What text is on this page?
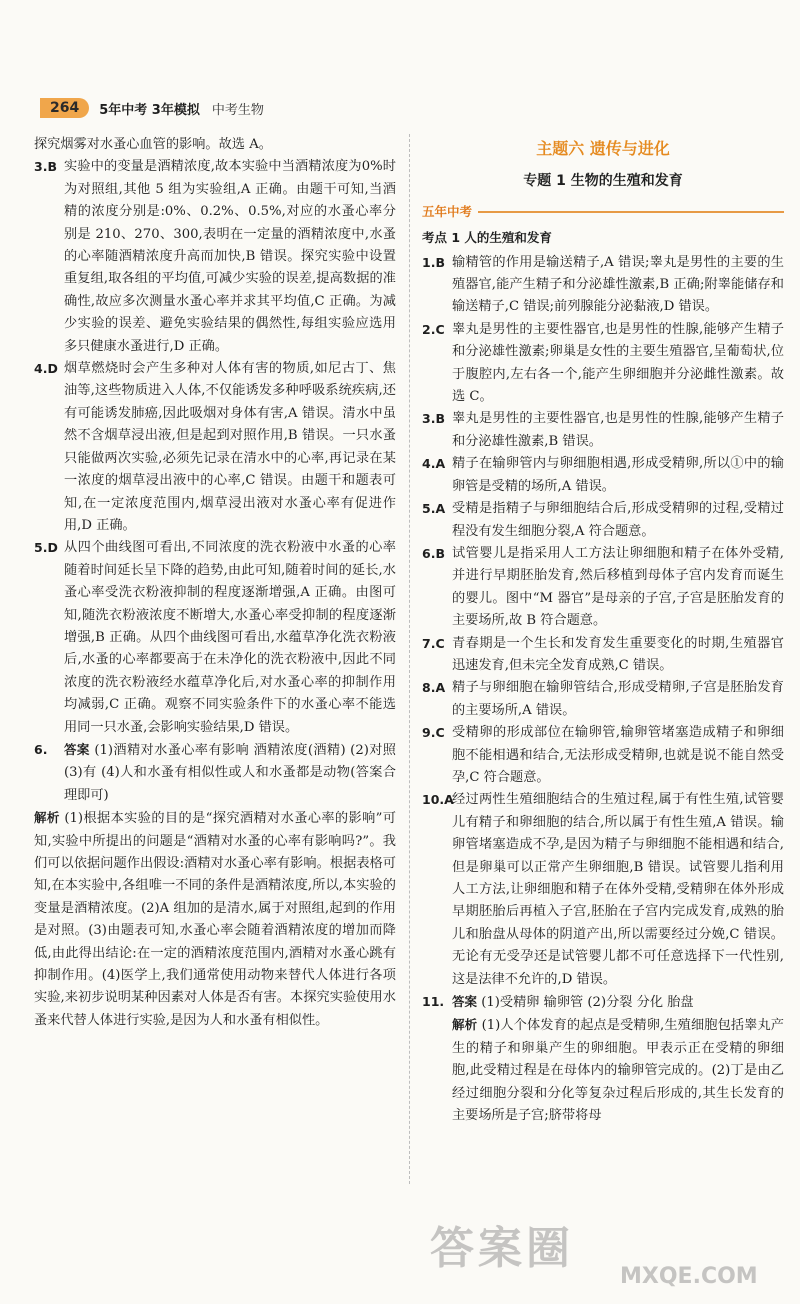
264	5年中考 3年模拟 中考生物

探究烟雾对水蚤心血管的影响。故选 A。

3.B 实验中的变量是酒精浓度,故本实验中当酒精浓度为0%时为对照组,其他 5 组为实验组,A 正确。由题干可知,当酒精的浓度分别是:0%、0.2%、0.5%,对应的水蚤心率分别是 210、270、300,表明在一定量的酒精浓度中,水蚤的心率随酒精浓度升高而加快,B 错误。探究实验中设置重复组,取各组的平均值,可减少实验的误差,提高数据的准确性,故应多次测量水蚤心率并求其平均值,C 正确。为减少实验的误差、避免实验结果的偶然性,每组实验应选用多只健康水蚤进行,D 正确。
4.D 烟草燃烧时会产生多种对人体有害的物质,如尼古丁、焦油等,这些物质进入人体,不仅能诱发多种呼吸系统疾病,还有可能诱发肺癌,因此吸烟对身体有害,A 错误。清水中虽然不含烟草浸出液,但是起到对照作用,B 错误。一只水蚤只能做两次实验,必须先记录在清水中的心率,再记录在某一浓度的烟草浸出液中的心率,C 错误。由题干和题表可知,在一定浓度范围内,烟草浸出液对水蚤心率有促进作用,D 正确。
5.D 从四个曲线图可看出,不同浓度的洗衣粉液中水蚤的心率随着时间延长呈下降的趋势,由此可知,随着时间的延长,水蚤心率受洗衣粉液抑制的程度逐渐增强,A 正确。由图可知,随洗衣粉液浓度不断增大,水蚤心率受抑制的程度逐渐增强,B 正确。从四个曲线图可看出,水蕴草净化洗衣粉液后,水蚤的心率都要高于在未净化的洗衣粉液中,因此不同浓度的洗衣粉液经水蕴草净化后,对水蚤心率的抑制作用均减弱,C 正确。观察不同实验条件下的水蚤心率不能选用同一只水蚤,会影响实验结果,D 错误。
6.	答案 (1)酒精对水蚤心率有影响 酒精浓度(酒精) (2)对照 (3)有 (4)人和水蚤有相似性或人和水蚤都是动物(答案合理即可)

解析 (1)根据本实验的目的是“探究酒精对水蚤心率的影响”可知,实验中所提出的问题是“酒精对水蚤的心率有影响吗?”。我们可以依据问题作出假设:酒精对水蚤心率有影响。根据表格可知,在本实验中,各组唯一不同的条件是酒精浓度,所以,本实验的变量是酒精浓度。(2)A 组加的是清水,属于对照组,起到的作用是对照。(3)由题表可知,水蚤心率会随着酒精浓度的增加而降低,由此得出结论:在一定的酒精浓度范围内,酒精对水蚤心跳有抑制作用。(4)医学上,我们通常使用动物来替代人体进行各项实验,来初步说明某种因素对人体是否有害。本探究实验使用水蚤来代替人体进行实验,是因为人和水蚤有相似性。

主题六 遗传与进化
专题 1 生物的生殖和发育
五年中考
考点 1 人的生殖和发育
1.B 输精管的作用是输送精子,A 错误;睾丸是男性的主要的生殖器官,能产生精子和分泌雄性激素,B 正确;附睾能储存和输送精子,C 错误;前列腺能分泌黏液,D 错误。
2.C 睾丸是男性的主要性器官,也是男性的性腺,能够产生精子和分泌雄性激素;卵巢是女性的主要生殖器官,呈葡萄状,位于腹腔内,左右各一个,能产生卵细胞并分泌雌性激素。故选 C。
3.B 睾丸是男性的主要性器官,也是男性的性腺,能够产生精子和分泌雄性激素,B 错误。
4.A 精子在输卵管内与卵细胞相遇,形成受精卵,所以①中的输卵管是受精的场所,A 错误。
5.A 受精是指精子与卵细胞结合后,形成受精卵的过程,受精过程没有发生细胞分裂,A 符合题意。
6.B 试管婴儿是指采用人工方法让卵细胞和精子在体外受精,并进行早期胚胎发育,然后移植到母体子宫内发育而诞生的婴儿。图中“M 器官”是母亲的子宫,子宫是胚胎发育的主要场所,故 B 符合题意。
7.C 青春期是一个生长和发育发生重要变化的时期,生殖器官迅速发育,但未完全发育成熟,C 错误。
8.A 精子与卵细胞在输卵管结合,形成受精卵,子宫是胚胎发育的主要场所,A 错误。
9.C 受精卵的形成部位在输卵管,输卵管堵塞造成精子和卵细胞不能相遇和结合,无法形成受精卵,也就是说不能自然受孕,C 符合题意。
10.A
经过两性生殖细胞结合的生殖过程,属于有性生殖,试管婴儿有精子和卵细胞的结合,所以属于有性生殖,A 错误。输卵管堵塞造成不孕,是因为精子与卵细胞不能相遇和结合,但是卵巢可以正常产生卵细胞,B 错误。试管婴儿指利用人工方法,让卵细胞和精子在体外受精,受精卵在体外形成早期胚胎后再植入子宫,胚胎在子宫内完成发育,成熟的胎儿和胎盘从母体的阴道产出,所以需要经过分娩,C 错误。无论有无受孕还是试管婴儿都不可任意选择下一代性别,这是法律不允许的,D 错误。
11. 答案 (1)受精卵 输卵管 (2)分裂 分化 胎盘
解析 (1)人个体发育的起点是受精卵,生殖细胞包括睾丸产生的精子和卵巢产生的卵细胞。甲表示正在受精的卵细胞,此受精过程是在母体内的输卵管完成的。(2)丁是由乙经过细胞分裂和分化等复杂过程后形成的,其生长发育的主要场所是子宫;脐带将母
答案圈
MXQE.COM
